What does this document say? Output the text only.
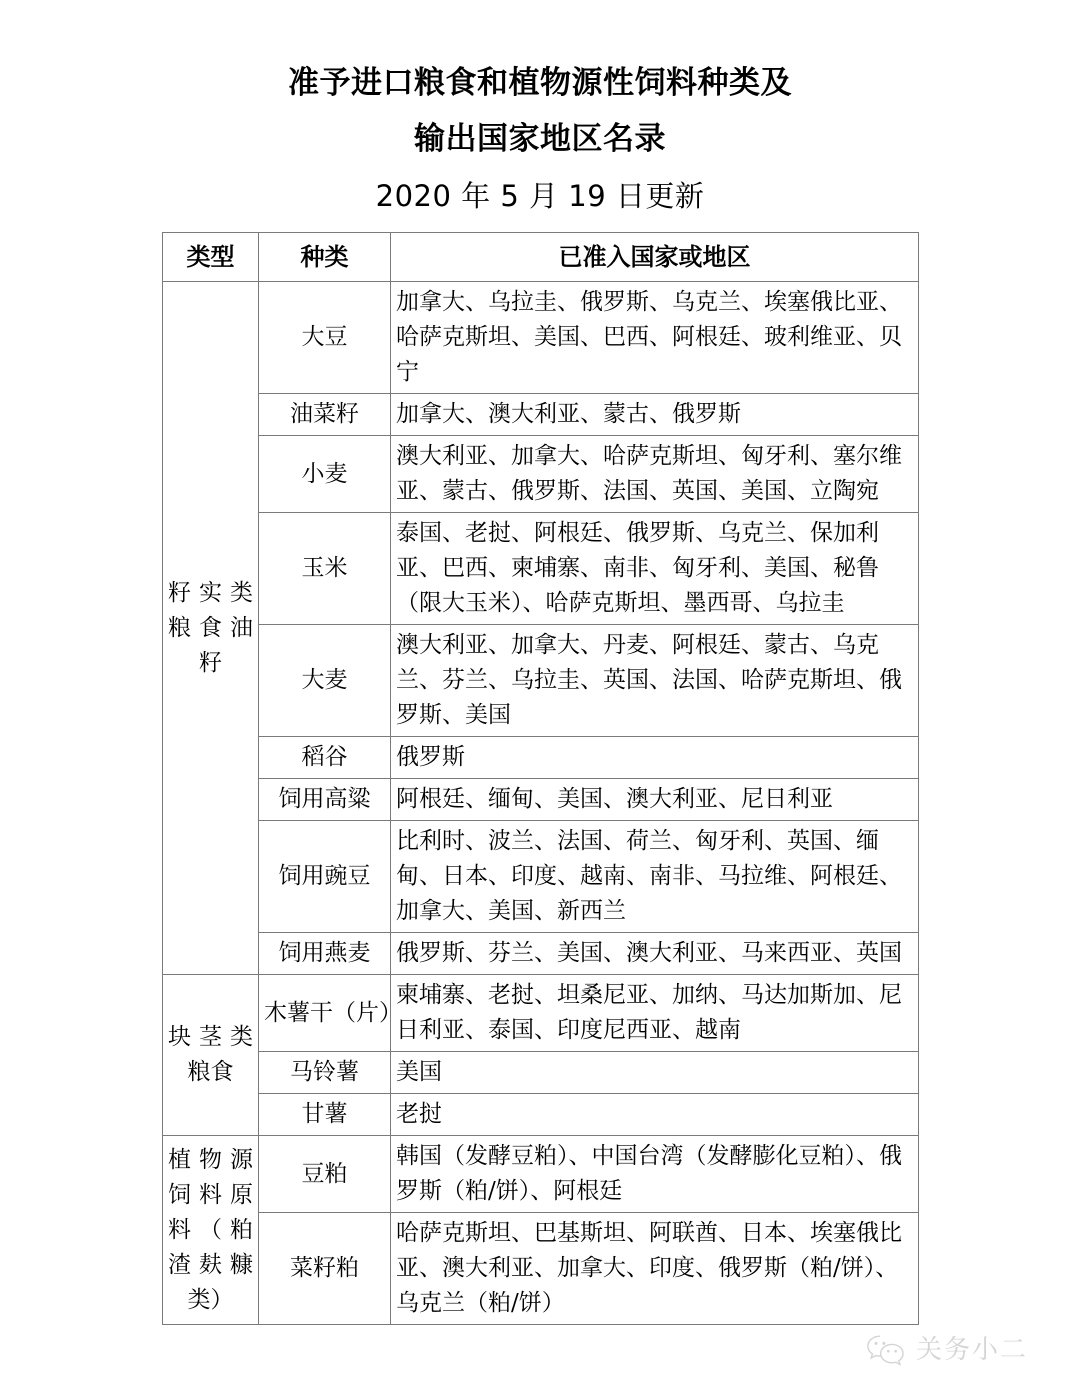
准予进口粮食和植物源性饲料种类及
输出国家地区名录
2020 年 5 月 19 日更新
类型	种类	已准入国家或地区

籽实类粮食油籽	大豆	加拿大、乌拉圭、俄罗斯、乌克兰、埃塞俄比亚、哈萨克斯坦、美国、巴西、阿根廷、玻利维亚、贝宁
	油菜籽	加拿大、澳大利亚、蒙古、俄罗斯
	小麦	澳大利亚、加拿大、哈萨克斯坦、匈牙利、塞尔维亚、蒙古、俄罗斯、法国、英国、美国、立陶宛
	玉米	泰国、老挝、阿根廷、俄罗斯、乌克兰、保加利亚、巴西、柬埔寨、南非、匈牙利、美国、秘鲁（限大玉米）、哈萨克斯坦、墨西哥、乌拉圭
	大麦	澳大利亚、加拿大、丹麦、阿根廷、蒙古、乌克兰、芬兰、乌拉圭、英国、法国、哈萨克斯坦、俄罗斯、美国
	稻谷	俄罗斯
	饲用高粱	阿根廷、缅甸、美国、澳大利亚、尼日利亚
	饲用豌豆	比利时、波兰、法国、荷兰、匈牙利、英国、缅甸、日本、印度、越南、南非、马拉维、阿根廷、加拿大、美国、新西兰
	饲用燕麦	俄罗斯、芬兰、美国、澳大利亚、马来西亚、英国

块茎类粮食	木薯干（片）	柬埔寨、老挝、坦桑尼亚、加纳、马达加斯加、尼日利亚、泰国、印度尼西亚、越南
	马铃薯	美国
	甘薯	老挝

植物源饲料原料（粕渣麸糠类）	豆粕	韩国（发酵豆粕）、中国台湾（发酵膨化豆粕）、俄罗斯（粕/饼）、阿根廷
	菜籽粕	哈萨克斯坦、巴基斯坦、阿联酋、日本、埃塞俄比亚、澳大利亚、加拿大、印度、俄罗斯（粕/饼）、乌克兰（粕/饼）
关务小二
